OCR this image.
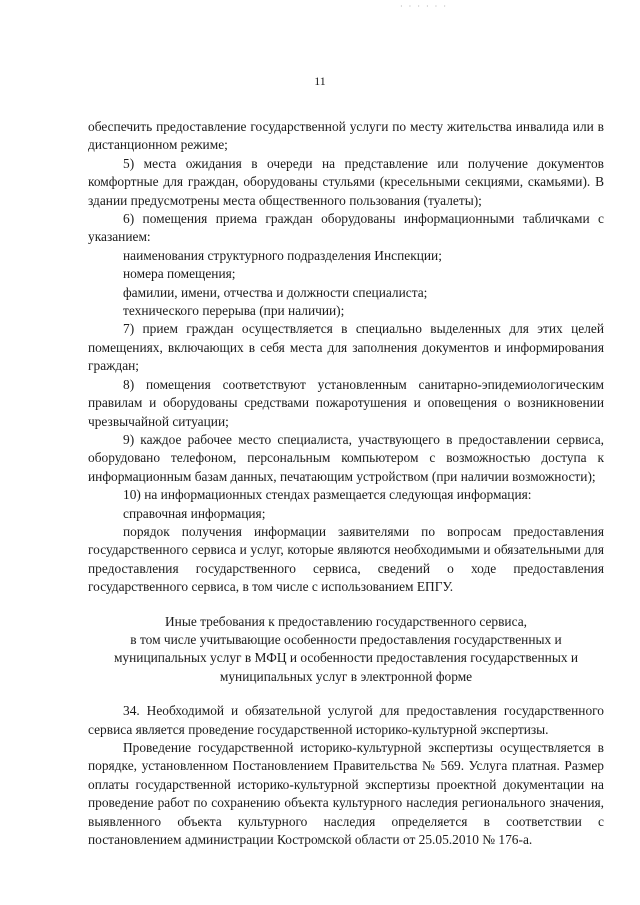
· · · · · ·
11

обеспечить предоставление государственной услуги по месту жительства инвалида или в дистанционном режиме;

5) места ожидания в очереди на представление или получение документов комфортные для граждан, оборудованы стульями (кресельными секциями, скамьями). В здании предусмотрены места общественного пользования (туалеты);

6) помещения приема граждан оборудованы информационными табличками с указанием:

наименования структурного подразделения Инспекции;

номера помещения;

фамилии, имени, отчества и должности специалиста;

технического перерыва (при наличии);

7) прием граждан осуществляется в специально выделенных для этих целей помещениях, включающих в себя места для заполнения документов и информирования граждан;

8) помещения соответствуют установленным санитарно-эпидемиологическим правилам и оборудованы средствами пожаротушения и оповещения о возникновении чрезвычайной ситуации;

9) каждое рабочее место специалиста, участвующего в предоставлении сервиса, оборудовано телефоном, персональным компьютером с возможностью доступа к информационным базам данных, печатающим устройством (при наличии возможности);

10) на информационных стендах размещается следующая информация:

справочная информация;

порядок получения информации заявителями по вопросам предоставления государственного сервиса и услуг, которые являются необходимыми и обязательными для предоставления государственного сервиса, сведений о ходе предоставления государственного сервиса, в том числе с использованием ЕПГУ.

Иные требования к предоставлению государственного сервиса,

в том числе учитывающие особенности предоставления государственных и муниципальных услуг в МФЦ и особенности предоставления государственных и муниципальных услуг в электронной форме

34. Необходимой и обязательной услугой для предоставления государственного сервиса является проведение государственной историко-культурной экспертизы.

Проведение государственной историко-культурной экспертизы осуществляется в порядке, установленном Постановлением Правительства № 569. Услуга платная. Размер оплаты государственной историко-культурной экспертизы проектной документации на проведение работ по сохранению объекта культурного наследия регионального значения, выявленного объекта культурного наследия определяется в соответствии с постановлением администрации Костромской области от 25.05.2010 № 176-а.
